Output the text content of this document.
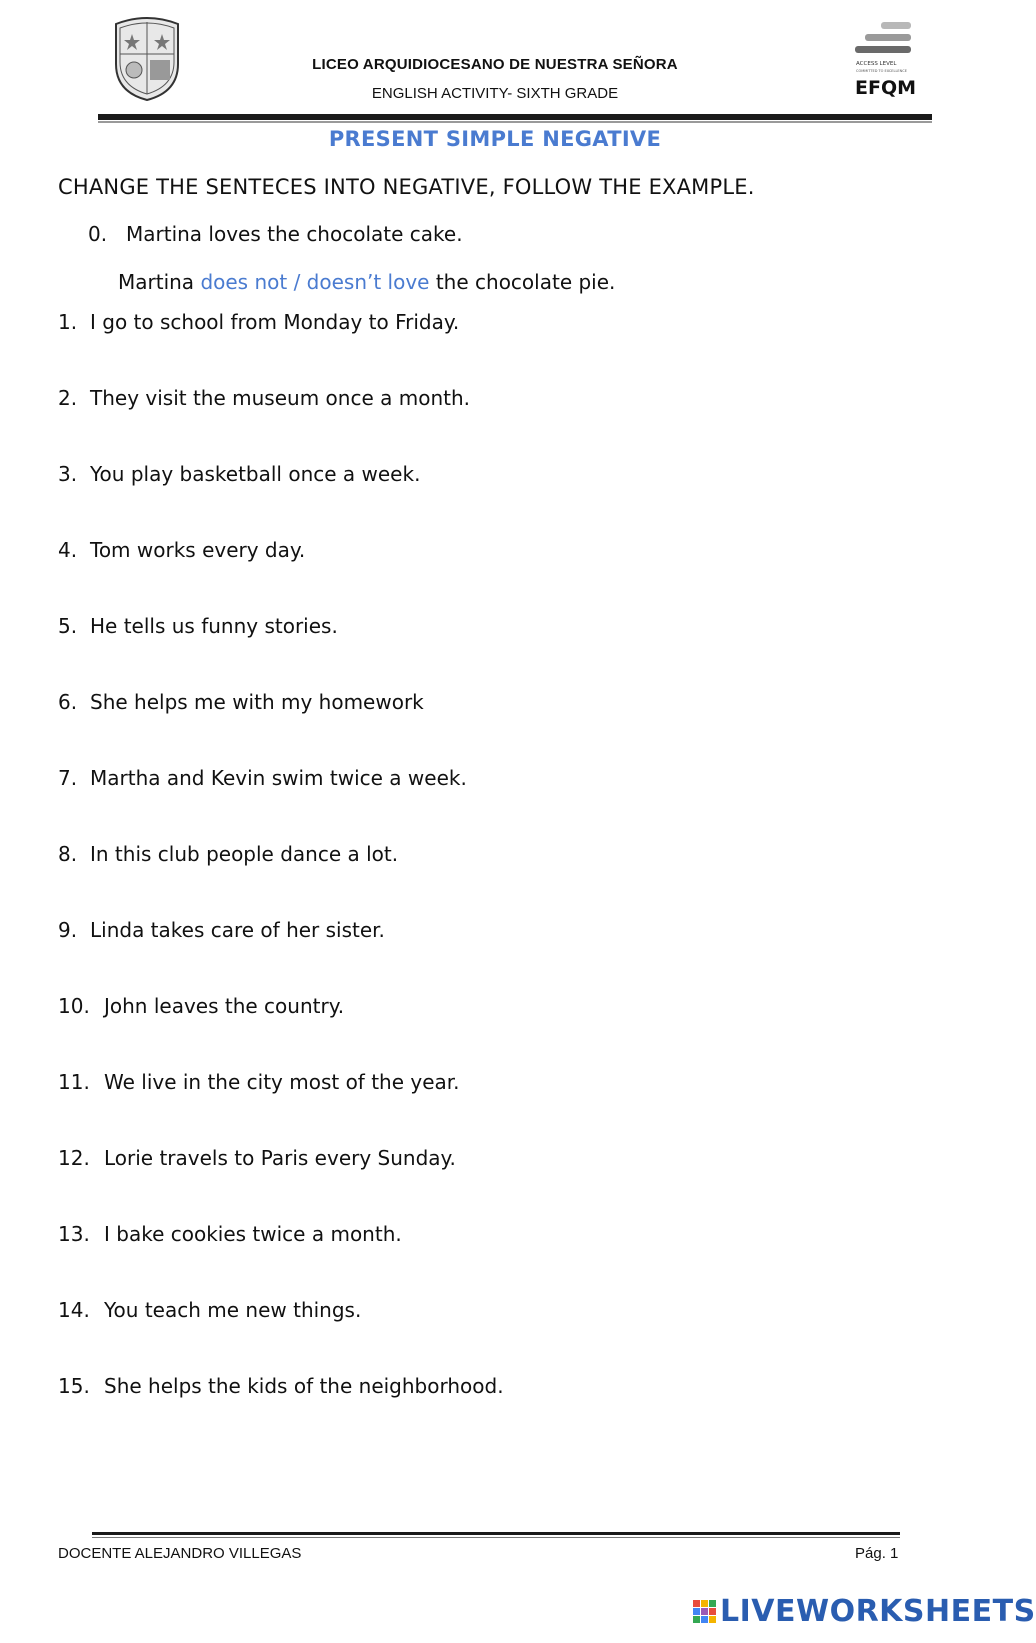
LICEO ARQUIDIOCESANO DE NUESTRA SEÑORA
ENGLISH ACTIVITY- SIXTH GRADE
ACCESS LEVEL
COMMITTED TO EXCELLENCE
EFQM
PRESENT SIMPLE NEGATIVE
CHANGE THE SENTECES INTO NEGATIVE, FOLLOW THE EXAMPLE.
0. Martina loves the chocolate cake.
Martina does not / doesn’t love the chocolate pie.
1. I go to school from Monday to Friday.
2. They visit the museum once a month.
3. You play basketball once a week.
4. Tom works every day.
5. He tells us funny stories.
6. She helps me with my homework
7. Martha and Kevin swim twice a week.
8. In this club people dance a lot.
9. Linda takes care of her sister.
10. John leaves the country.
11. We live in the city most of the year.
12. Lorie travels to Paris every Sunday.
13. I bake cookies twice a month.
14. You teach me new things.
15. She helps the kids of the neighborhood.
DOCENTE ALEJANDRO VILLEGAS	Pág. 1
LIVEWORKSHEETS
